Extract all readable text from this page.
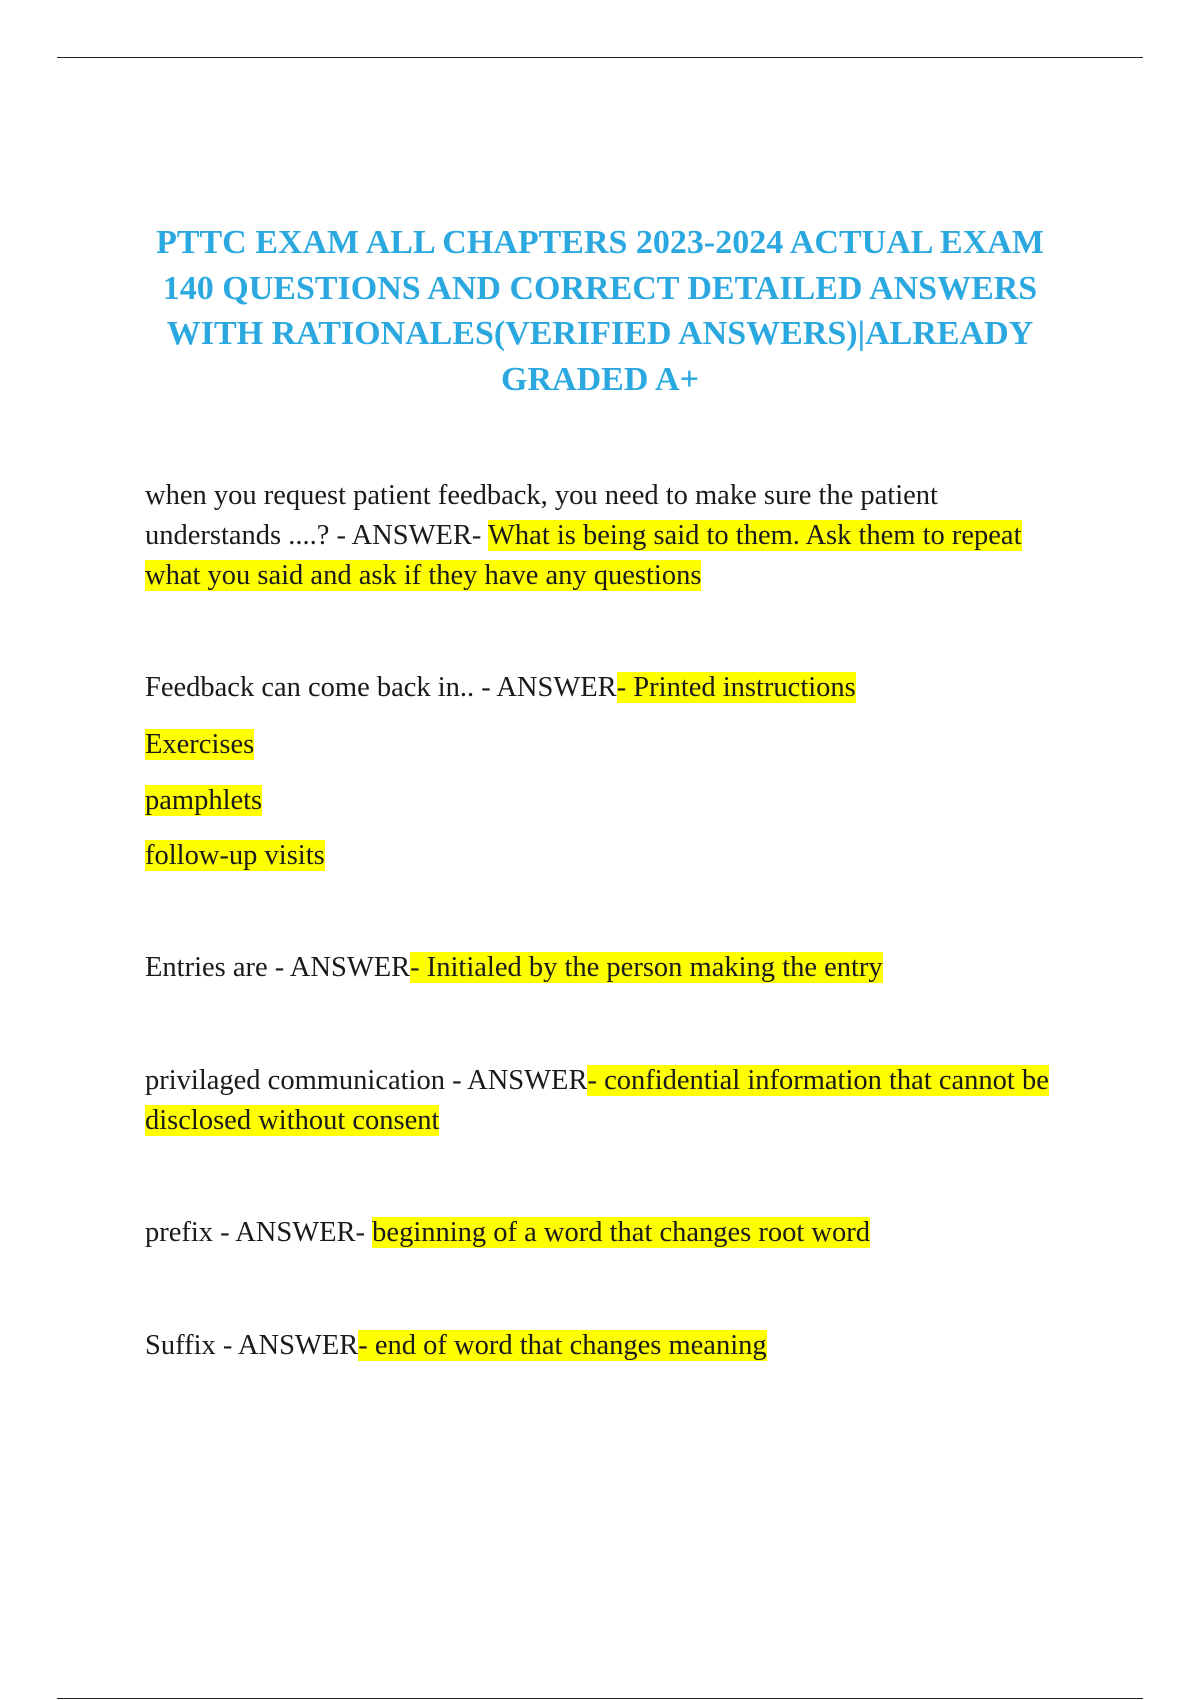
PTTC EXAM ALL CHAPTERS 2023-2024 ACTUAL EXAM 140 QUESTIONS AND CORRECT DETAILED ANSWERS WITH RATIONALES(VERIFIED ANSWERS)|ALREADY GRADED A+

when you request patient feedback, you need to make sure the patient understands ....? - ANSWER- What is being said to them. Ask them to repeat what you said and ask if they have any questions

Feedback can come back in.. - ANSWER- Printed instructions

Exercises

pamphlets

follow-up visits

Entries are - ANSWER- Initialed by the person making the entry

privilaged communication - ANSWER- confidential information that cannot be disclosed without consent

prefix - ANSWER- beginning of a word that changes root word

Suffix - ANSWER- end of word that changes meaning
